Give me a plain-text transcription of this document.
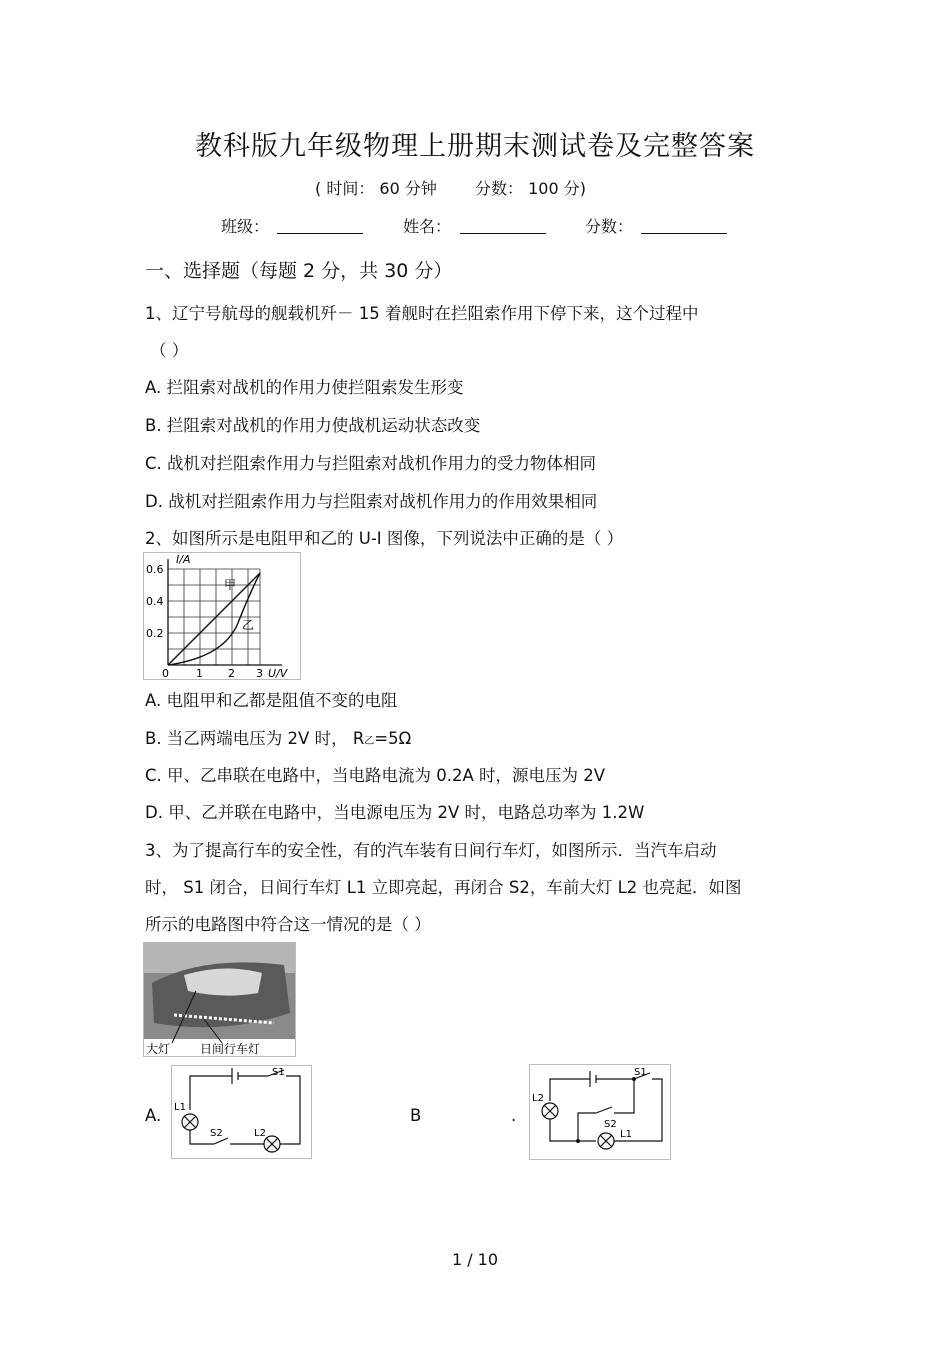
教科版九年级物理上册期末测试卷及完整答案
( 时间： 60 分钟 分数： 100 分)
班级：	姓名：	分数：
一、选择题（每题 2 分，共 30 分）
1、辽宁号航母的舰载机歼－ 15 着舰时在拦阻索作用下停下来，这个过程中
（ ）
A. 拦阻索对战机的作用力使拦阻索发生形变
B. 拦阻索对战机的作用力使战机运动状态改变
C. 战机对拦阻索作用力与拦阻索对战机作用力的受力物体相同
D. 战机对拦阻索作用力与拦阻索对战机作用力的作用效果相同
2、如图所示是电阻甲和乙的 U-I 图像，下列说法中正确的是（ ）
I/A
U/V
0.6
0.4
0.2
0 1 2 3
甲
乙
A. 电阻甲和乙都是阻值不变的电阻
B. 当乙两端电压为 2V 时， R乙=5Ω
C. 甲、乙串联在电路中，当电路电流为 0.2A 时，源电压为 2V
D. 甲、乙并联在电路中，当电源电压为 2V 时，电路总功率为 1.2W
3、为了提高行车的安全性，有的汽车装有日间行车灯，如图所示．当汽车启动
时， S1 闭合，日间行车灯 L1 立即亮起，再闭合 S2，车前大灯 L2 也亮起．如图
所示的电路图中符合这一情况的是（ ）
大灯 日间行车灯
A.
S1
L1
S2	L2
B	.
S1
L2
S2
L1
1 / 10
